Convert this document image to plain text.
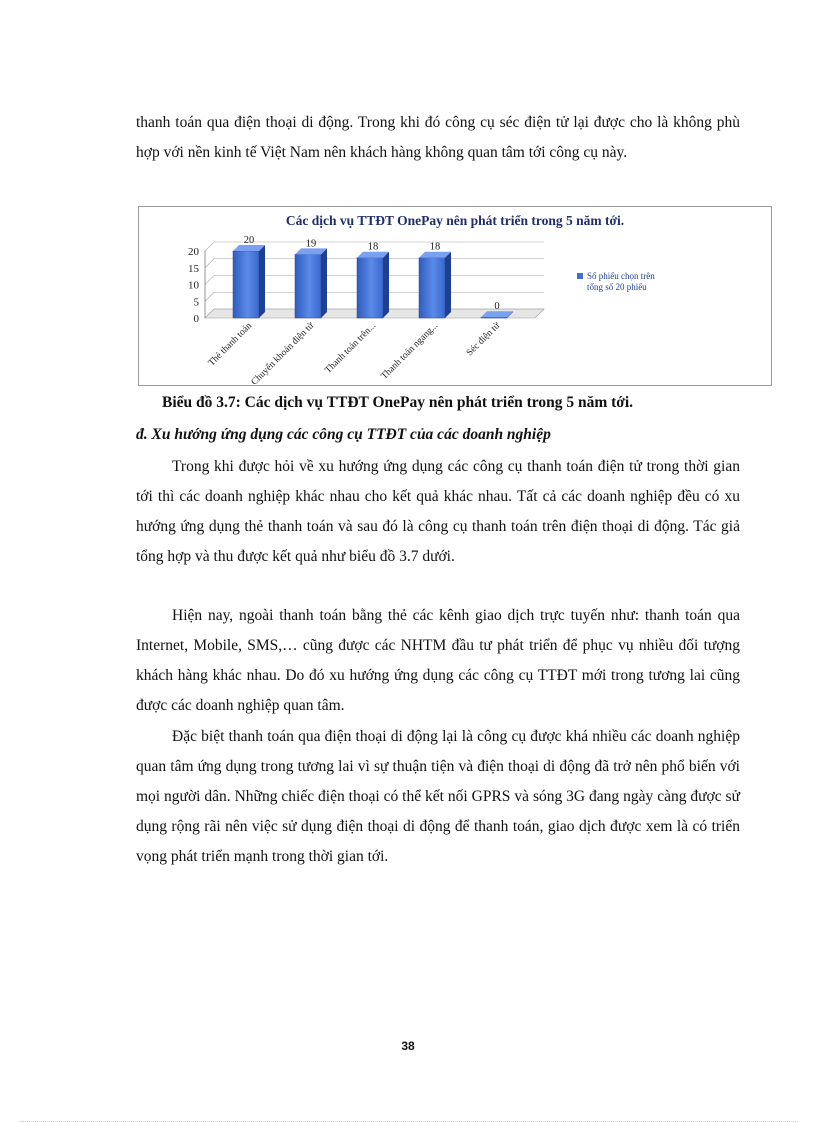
thanh toán qua điện thoại di động. Trong khi đó công cụ séc điện tử lại được cho là không phù hợp với nền kinh tế Việt Nam nên khách hàng không quan tâm tới công cụ này.

Các dịch vụ TTĐT OnePay nên phát triển trong 5 năm tới.
0
5
10
15
20
20
Thẻ thanh toán
19
Chuyển khoản điện tử
18
Thanh toán trên...
18
Thanh toán ngang...
0
Séc điện tử
Số phiếu chọn trên
tổng số 20 phiếu

Biểu đồ 3.7: Các dịch vụ TTĐT OnePay nên phát triển trong 5 năm tới.

đ. Xu hướng ứng dụng các công cụ TTĐT của các doanh nghiệp

Trong khi được hỏi về xu hướng ứng dụng các công cụ thanh toán điện tử trong thời gian tới thì các doanh nghiệp khác nhau cho kết quả khác nhau. Tất cả các doanh nghiệp đều có xu hướng ứng dụng thẻ thanh toán và sau đó là công cụ thanh toán trên điện thoại di động. Tác giả tổng hợp và thu được kết quả như biểu đồ 3.7 dưới.

Hiện nay, ngoài thanh toán bằng thẻ các kênh giao dịch trực tuyến như: thanh toán qua Internet, Mobile, SMS,… cũng được các NHTM đầu tư phát triển để phục vụ nhiều đối tượng khách hàng khác nhau. Do đó xu hướng ứng dụng các công cụ TTĐT mới trong tương lai cũng được các doanh nghiệp quan tâm.

Đặc biệt thanh toán qua điện thoại di động lại là công cụ được khá nhiều các doanh nghiệp quan tâm ứng dụng trong tương lai vì sự thuận tiện và điện thoại di động đã trở nên phổ biến với mọi người dân. Những chiếc điện thoại có thể kết nối GPRS và sóng 3G đang ngày càng được sử dụng rộng rãi nên việc sử dụng điện thoại di động để thanh toán, giao dịch được xem là có triển vọng phát triển mạnh trong thời gian tới.

38
